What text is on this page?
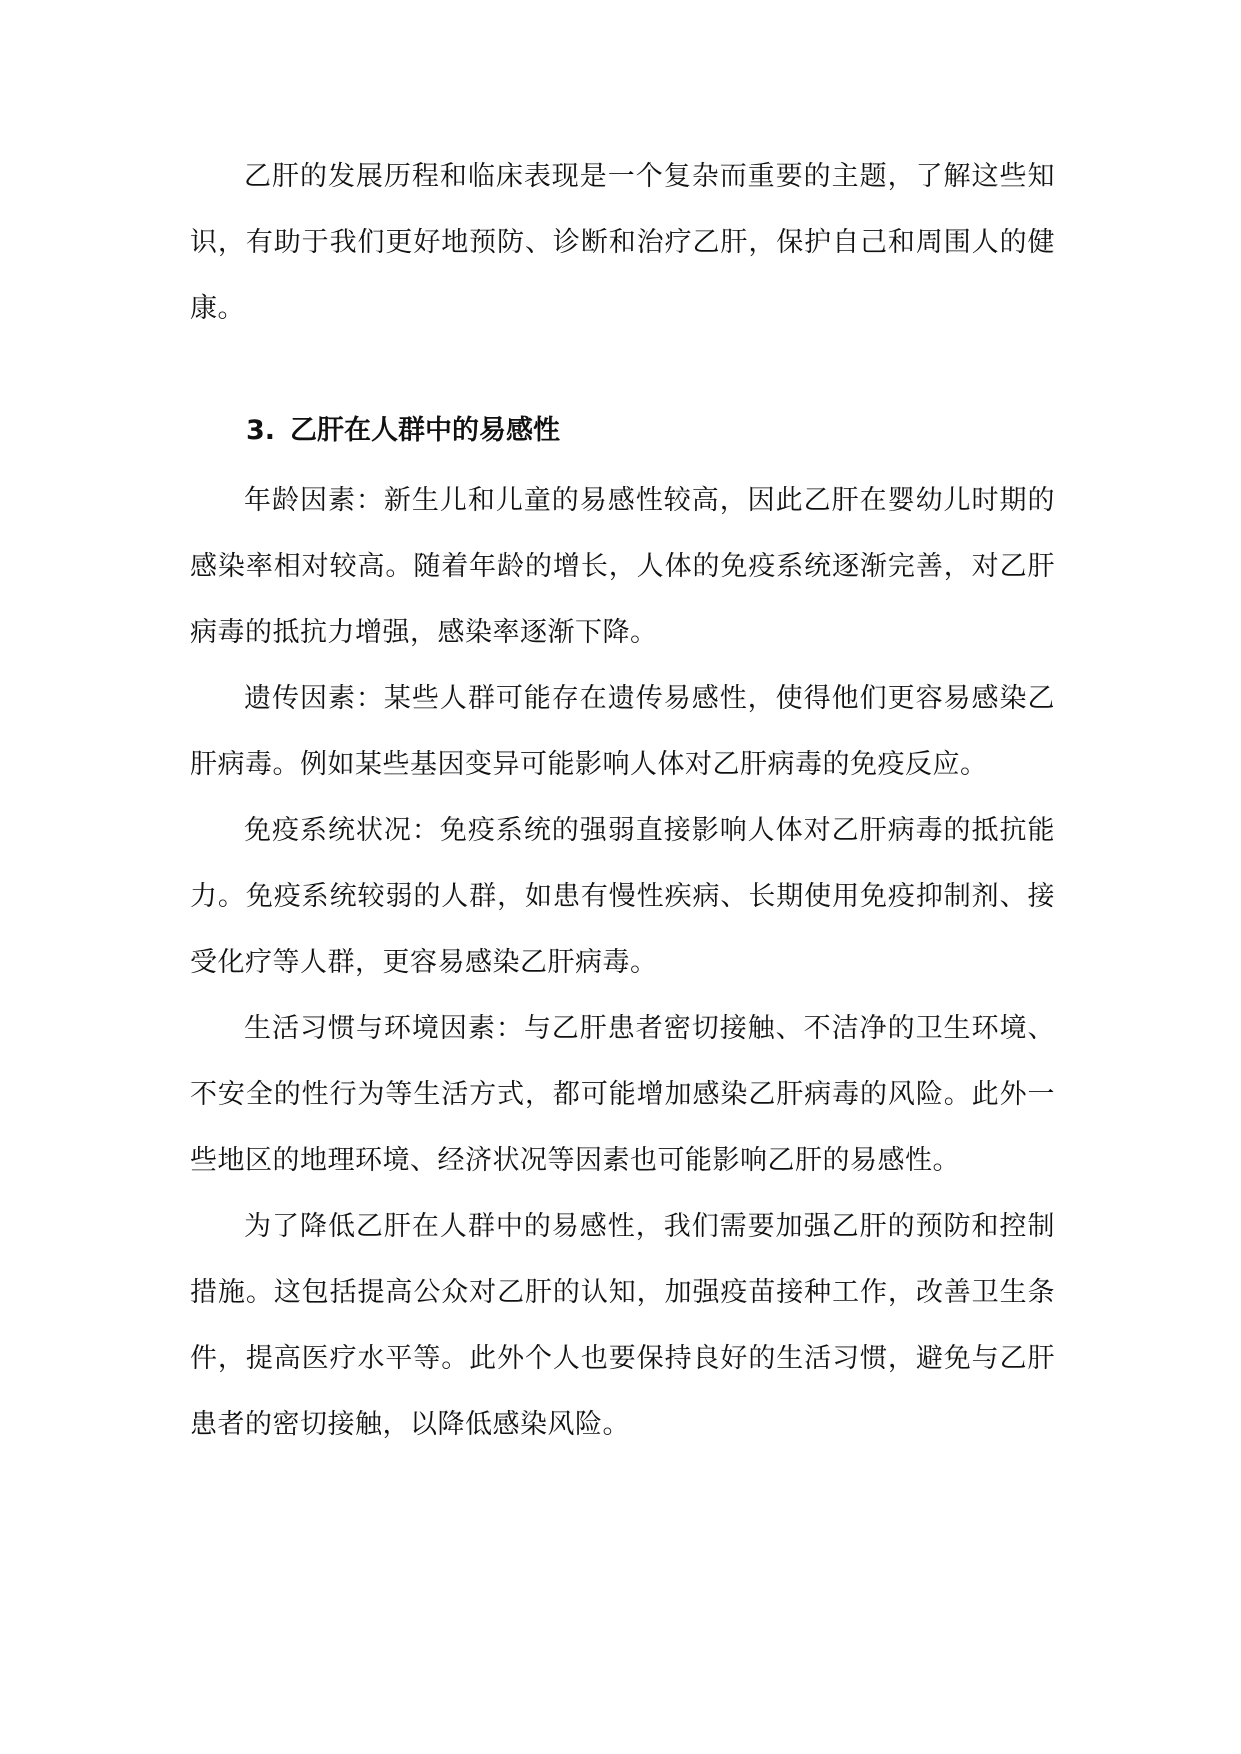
乙肝的发展历程和临床表现是一个复杂而重要的主题，了解这些知识，有助于我们更好地预防、诊断和治疗乙肝，保护自己和周围人的健康。

3. 乙肝在人群中的易感性

年龄因素：新生儿和儿童的易感性较高，因此乙肝在婴幼儿时期的感染率相对较高。随着年龄的增长，人体的免疫系统逐渐完善，对乙肝病毒的抵抗力增强，感染率逐渐下降。

遗传因素：某些人群可能存在遗传易感性，使得他们更容易感染乙肝病毒。例如某些基因变异可能影响人体对乙肝病毒的免疫反应。

免疫系统状况：免疫系统的强弱直接影响人体对乙肝病毒的抵抗能力。免疫系统较弱的人群，如患有慢性疾病、长期使用免疫抑制剂、接受化疗等人群，更容易感染乙肝病毒。

生活习惯与环境因素：与乙肝患者密切接触、不洁净的卫生环境、不安全的性行为等生活方式，都可能增加感染乙肝病毒的风险。此外一些地区的地理环境、经济状况等因素也可能影响乙肝的易感性。

为了降低乙肝在人群中的易感性，我们需要加强乙肝的预防和控制措施。这包括提高公众对乙肝的认知，加强疫苗接种工作，改善卫生条件，提高医疗水平等。此外个人也要保持良好的生活习惯，避免与乙肝患者的密切接触，以降低感染风险。
